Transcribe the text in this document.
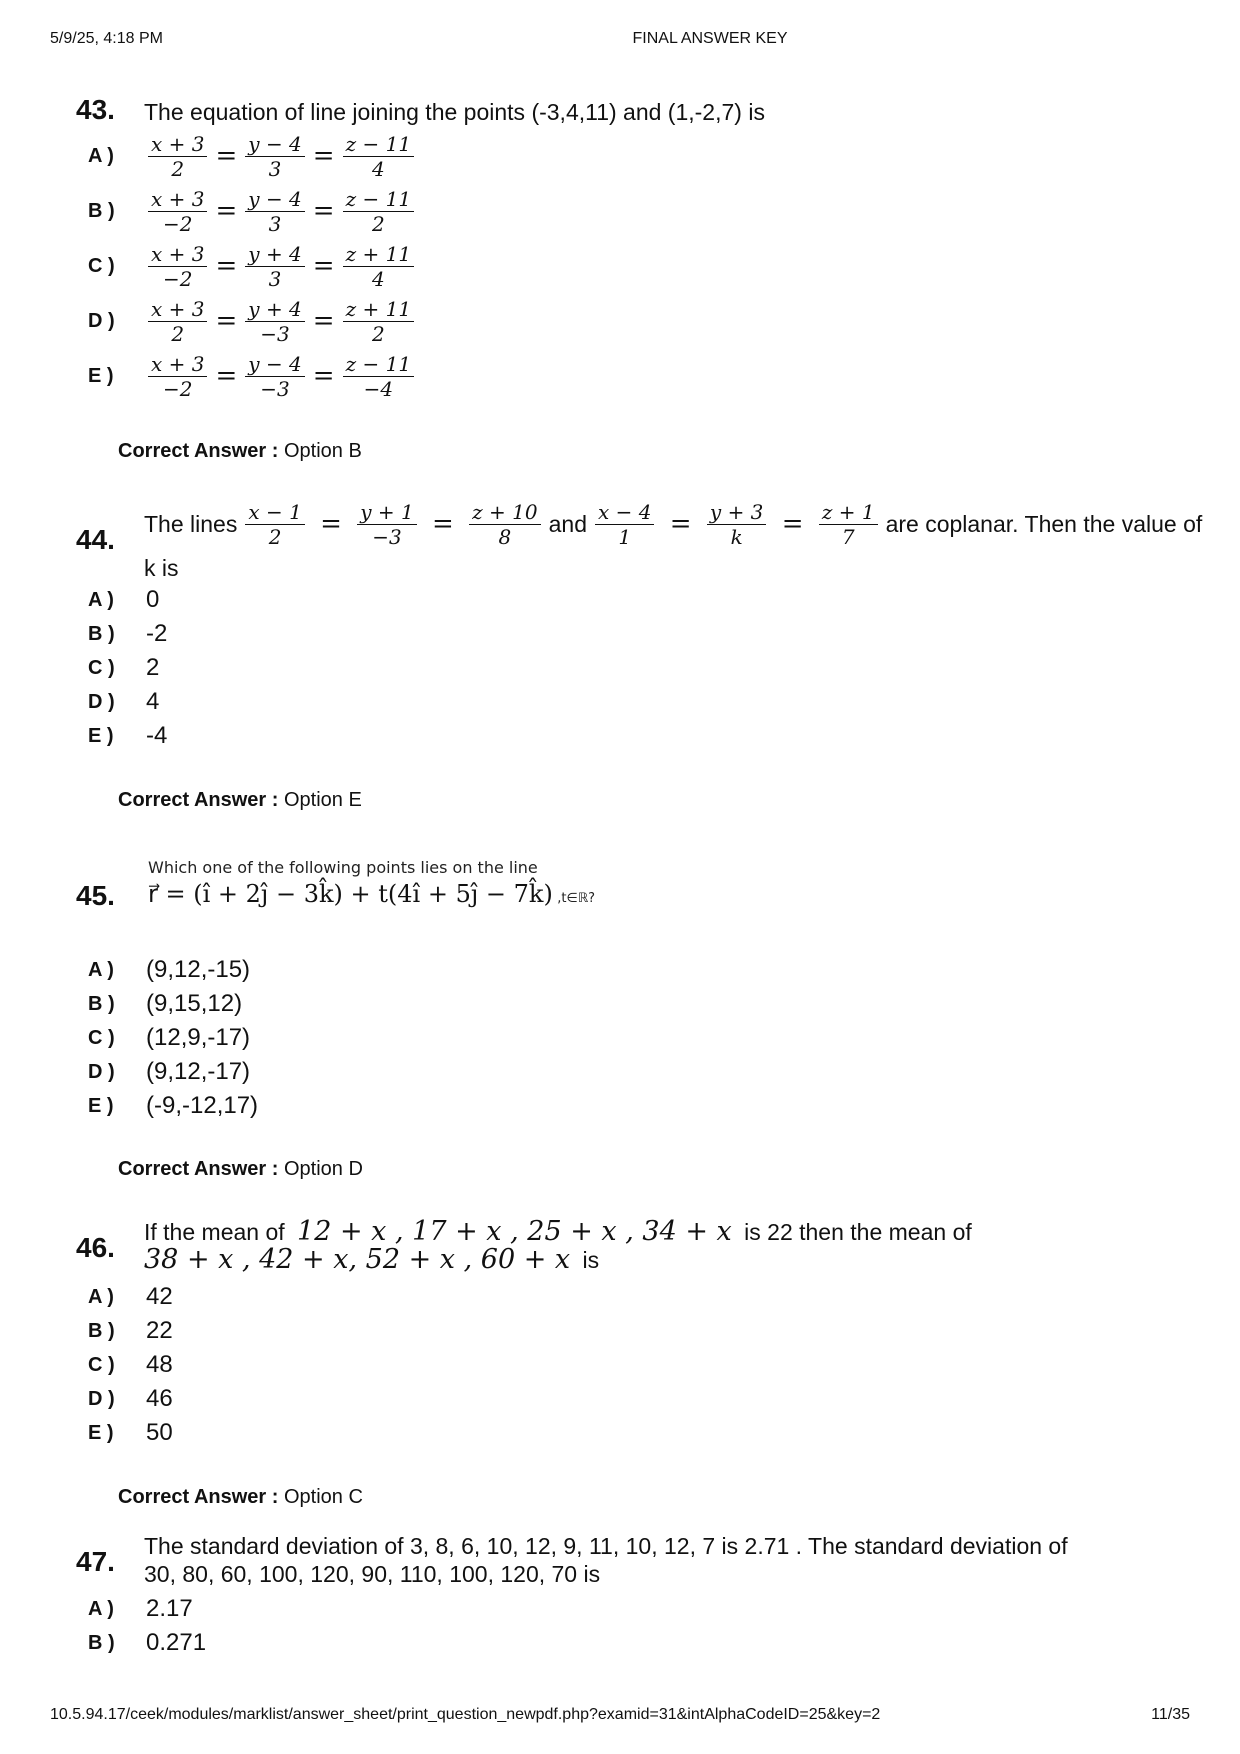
5/9/25, 4:18 PM	FINAL ANSWER KEY
43. The equation of line joining the points (-3,4,11) and (1,-2,7) is
A ) $\frac{x + 3}{2} = \frac{y - 4}{3} = \frac{z - 11}{4}$
B ) $\frac{x + 3}{-2} = \frac{y - 4}{3} = \frac{z - 11}{2}$
C ) $\frac{x + 3}{-2} = \frac{y + 4}{3} = \frac{z + 11}{4}$
D ) $\frac{x + 3}{2} = \frac{y + 4}{-3} = \frac{z + 11}{2}$
E ) $\frac{x + 3}{-2} = \frac{y - 4}{-3} = \frac{z - 11}{-4}$
Correct Answer : Option B
44. The lines $\frac{x - 1}{2} = \frac{y + 1}{-3} = \frac{z + 10}{8}$ and $\frac{x - 4}{1} = \frac{y + 3}{k} = \frac{z + 1}{7}$ are coplanar. Then the value of
k is
A ) 0
B ) -2
C ) 2
D ) 4
E ) -4
Correct Answer : Option E
Which one of the following points lies on the line
45. r⃗ = (î + 2ĵ − 3k̂) + t(4î + 5ĵ − 7k̂) ,t∈ℝ?
A ) (9,12,-15)
B ) (9,15,12)
C ) (12,9,-17)
D ) (9,12,-17)
E ) (-9,-12,17)
Correct Answer : Option D
46. If the mean of 12 + x , 17 + x , 25 + x , 34 + x is 22 then the mean of
38 + x , 42 + x, 52 + x , 60 + x is
A ) 42
B ) 22
C ) 48
D ) 46
E ) 50
Correct Answer : Option C
47. The standard deviation of 3, 8, 6, 10, 12, 9, 11, 10, 12, 7 is 2.71 . The standard deviation of
30, 80, 60, 100, 120, 90, 110, 100, 120, 70 is
A ) 2.17
B ) 0.271
10.5.94.17/ceek/modules/marklist/answer_sheet/print_question_newpdf.php?examid=31&intAlphaCodeID=25&key=2	11/35
